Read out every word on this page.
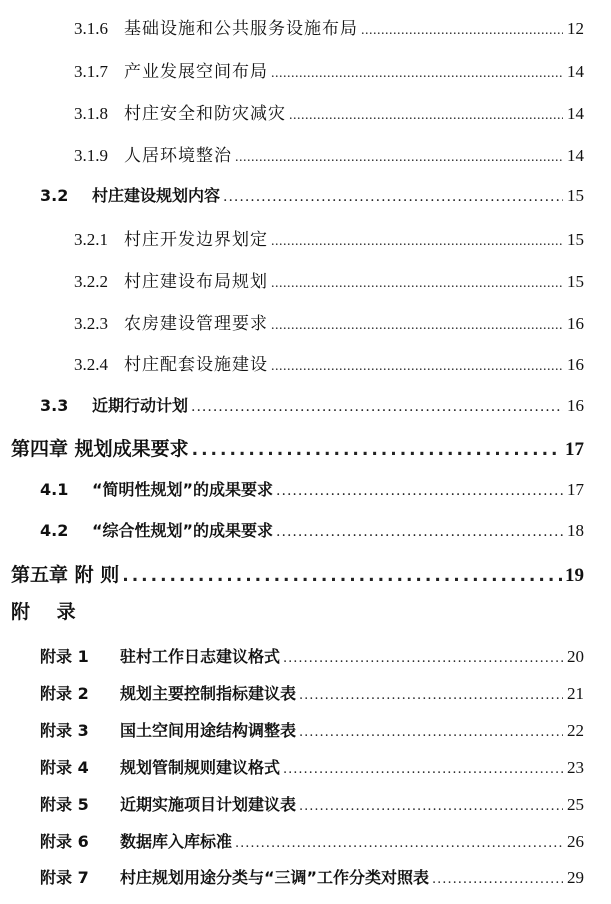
3.1.6 基础设施和公共服务设施布局 .....	12
3.1.7 产业发展空间布局 .....	14
3.1.8 村庄安全和防灾减灾 .....	14
3.1.9 人居环境整治 .....	14
3.2	村庄建设规划内容 .....	15
3.2.1 村庄开发边界划定 .....	15
3.2.2 村庄建设布局规划 .....	15
3.2.3 农房建设管理要求 .....	16
3.2.4 村庄配套设施建设 .....	16
3.3	近期行动计划 .....	16
第四章 规划成果要求 .....	17
4.1	“简明性规划”的成果要求 .....	17
4.2	“综合性规划”的成果要求 .....	18
第五章 附 则 .....	19
附 录
附录 1	驻村工作日志建议格式 .....	20
附录 2	规划主要控制指标建议表 .....	21
附录 3	国土空间用途结构调整表 .....	22
附录 4	规划管制规则建议格式 .....	23
附录 5	近期实施项目计划建议表 .....	25
附录 6	数据库入库标准 .....	26
附录 7	村庄规划用途分类与“三调”工作分类对照表 .....	29
